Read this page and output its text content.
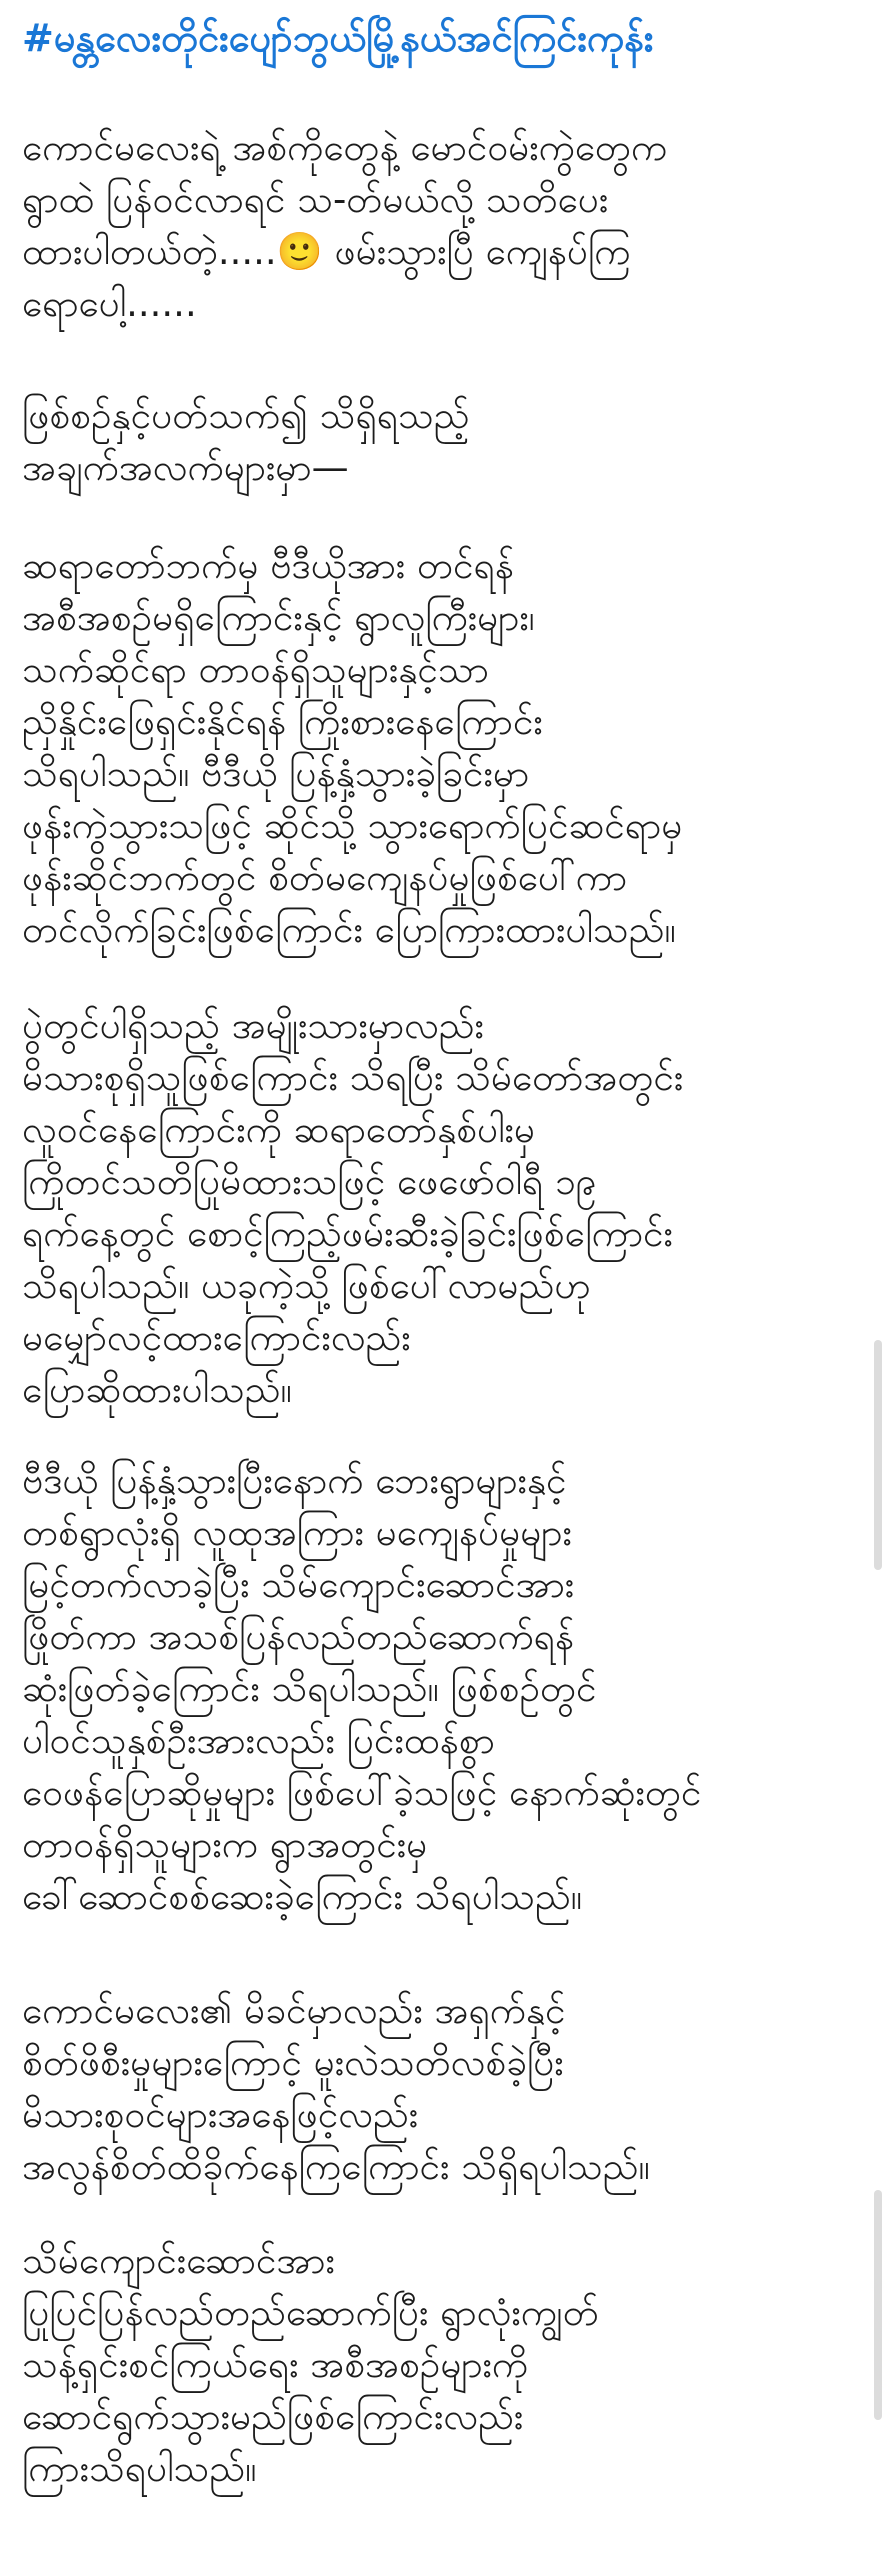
#မန္တလေးတိုင်းပျော်ဘွယ်မြို့နယ်အင်ကြင်းကုန်း

ကောင်မလေးရဲ့ အစ်ကိုတွေနဲ့ မောင်ဝမ်းကွဲတွေက
ရွာထဲ ပြန်ဝင်လာရင် သ-တ်မယ်လို့ သတိပေး
ထားပါတယ်တဲ့.....🙂 ဖမ်းသွားပြီ ကျေနပ်ကြ
ရောပေါ့......

ဖြစ်စဉ်နှင့်ပတ်သက်၍ သိရှိရသည့်
အချက်အလက်များမှာ—

ဆရာတော်ဘက်မှ ဗီဒီယိုအား တင်ရန်
အစီအစဉ်မရှိကြောင်းနှင့် ရွာလူကြီးများ၊
သက်ဆိုင်ရာ တာဝန်ရှိသူများနှင့်သာ
ညှိနှိုင်းဖြေရှင်းနိုင်ရန် ကြိုးစားနေကြောင်း
သိရပါသည်။ ဗီဒီယို ပြန့်နှံ့သွားခဲ့ခြင်းမှာ
ဖုန်းကွဲသွားသဖြင့် ဆိုင်သို့ သွားရောက်ပြင်ဆင်ရာမှ
ဖုန်းဆိုင်ဘက်တွင် စိတ်မကျေနပ်မှုဖြစ်ပေါ်ကာ
တင်လိုက်ခြင်းဖြစ်ကြောင်း ပြောကြားထားပါသည်။

ပွဲတွင်ပါရှိသည့် အမျိုးသားမှာလည်း
မိသားစုရှိသူဖြစ်ကြောင်း သိရပြီး သိမ်တော်အတွင်း
လူဝင်နေကြောင်းကို ဆရာတော်နှစ်ပါးမှ
ကြိုတင်သတိပြုမိထားသဖြင့် ဖေဖော်ဝါရီ ၁၉
ရက်နေ့တွင် စောင့်ကြည့်ဖမ်းဆီးခဲ့ခြင်းဖြစ်ကြောင်း
သိရပါသည်။ ယခုကဲ့သို့ ဖြစ်ပေါ်လာမည်ဟု
မမျှော်လင့်ထားကြောင်းလည်း
ပြောဆိုထားပါသည်။

ဗီဒီယို ပြန့်နှံ့သွားပြီးနောက် ဘေးရွာများနှင့်
တစ်ရွာလုံးရှိ လူထုအကြား မကျေနပ်မှုများ
မြင့်တက်လာခဲ့ပြီး သိမ်ကျောင်းဆောင်အား
ဖြိုတ်ကာ အသစ်ပြန်လည်တည်ဆောက်ရန်
ဆုံးဖြတ်ခဲ့ကြောင်း သိရပါသည်။ ဖြစ်စဉ်တွင်
ပါဝင်သူနှစ်ဦးအားလည်း ပြင်းထန်စွာ
ဝေဖန်ပြောဆိုမှုများ ဖြစ်ပေါ်ခဲ့သဖြင့် နောက်ဆုံးတွင်
တာဝန်ရှိသူများက ရွာအတွင်းမှ
ခေါ်ဆောင်စစ်ဆေးခဲ့ကြောင်း သိရပါသည်။

ကောင်မလေး၏ မိခင်မှာလည်း အရှက်နှင့်
စိတ်ဖိစီးမှုများကြောင့် မူးလဲသတိလစ်ခဲ့ပြီး
မိသားစုဝင်များအနေဖြင့်လည်း
အလွန်စိတ်ထိခိုက်နေကြကြောင်း သိရှိရပါသည်။

သိမ်ကျောင်းဆောင်အား
ပြုပြင်ပြန်လည်တည်ဆောက်ပြီး ရွာလုံးကျွတ်
သန့်ရှင်းစင်ကြယ်ရေး အစီအစဉ်များကို
ဆောင်ရွက်သွားမည်ဖြစ်ကြောင်းလည်း
ကြားသိရပါသည်။
